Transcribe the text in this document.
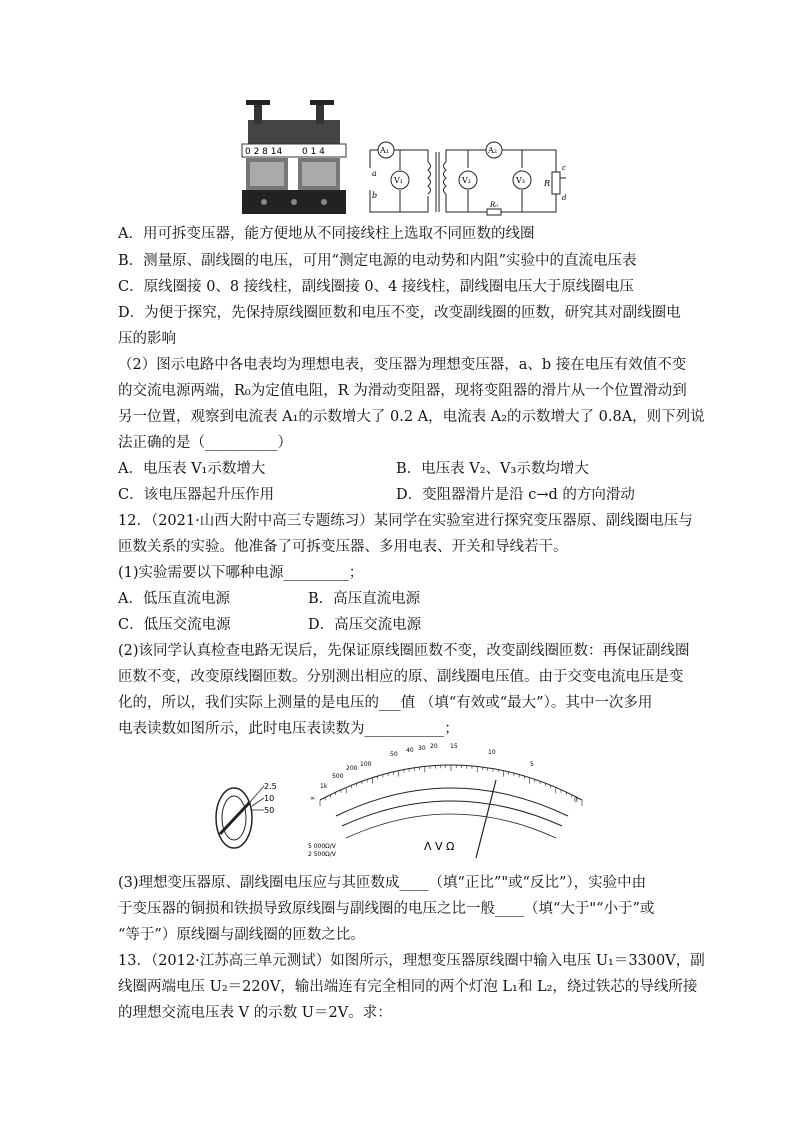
0 2 8 14 0 1 4	A₁	A₂
V₁	V₂	V₃
a
b
R
R₀
c
d
A．用可拆变压器，能方便地从不同接线柱上选取不同匝数的线圈
B．测量原、副线圈的电压，可用“测定电源的电动势和内阻”实验中的直流电压表
C．原线圈接 0、8 接线柱，副线圈接 0、4 接线柱，副线圈电压大于原线圈电压
D．为便于探究，先保持原线圈匝数和电压不变，改变副线圈的匝数，研究其对副线圈电
压的影响
（2）图示电路中各电表均为理想电表，变压器为理想变压器，a、b 接在电压有效值不变
的交流电源两端，R₀为定值电阻，R 为滑动变阻器，现将变阻器的滑片从一个位置滑动到
另一位置，观察到电流表 A₁的示数增大了 0.2 A，电流表 A₂的示数增大了 0.8A，则下列说
法正确的是（__________）
A．电压表 V₁示数增大	B．电压表 V₂、V₃示数均增大
C．该电压器起升压作用	D．变阻器滑片是沿 c→d 的方向滑动
12．（2021·山西大附中高三专题练习）某同学在实验室进行探究变压器原、副线圈电压与
匝数关系的实验。他准备了可拆变压器、多用电表、开关和导线若干。
(1)实验需要以下哪种电源_________；
A．低压直流电源	B．高压直流电源
C．低压交流电源	D．高压交流电源
(2)该同学认真检查电路无误后，先保证原线圈匝数不变，改变副线圈匝数：再保证副线圈
匝数不变，改变原线圈匝数。分别测出相应的原、副线圈电压值。由于交变电流电压是变
化的，所以，我们实际上测量的是电压的___值 （填“有效或“最大”）。其中一次多用
电表读数如图所示，此时电压表读数为___________；
2.5
10
50
∞
1k
500
200
100
50
40 30 20 15
10
5
0
5 000Ω/V
2 500Ω/V
Λ V Ω
(3)理想变压器原、副线圈电压应与其匝数成____（填“正比”"或“反比”），实验中由
于变压器的铜损和铁损导致原线圈与副线圈的电压之比一般____（填“大于"“小于”或
“等于”）原线圈与副线圈的匝数之比。
13．（2012·江苏高三单元测试）如图所示，理想变压器原线圈中输入电压 U₁＝3300V，副
线圈两端电压 U₂＝220V，输出端连有完全相同的两个灯泡 L₁和 L₂，绕过铁芯的导线所接
的理想交流电压表 V 的示数 U＝2V。求：
